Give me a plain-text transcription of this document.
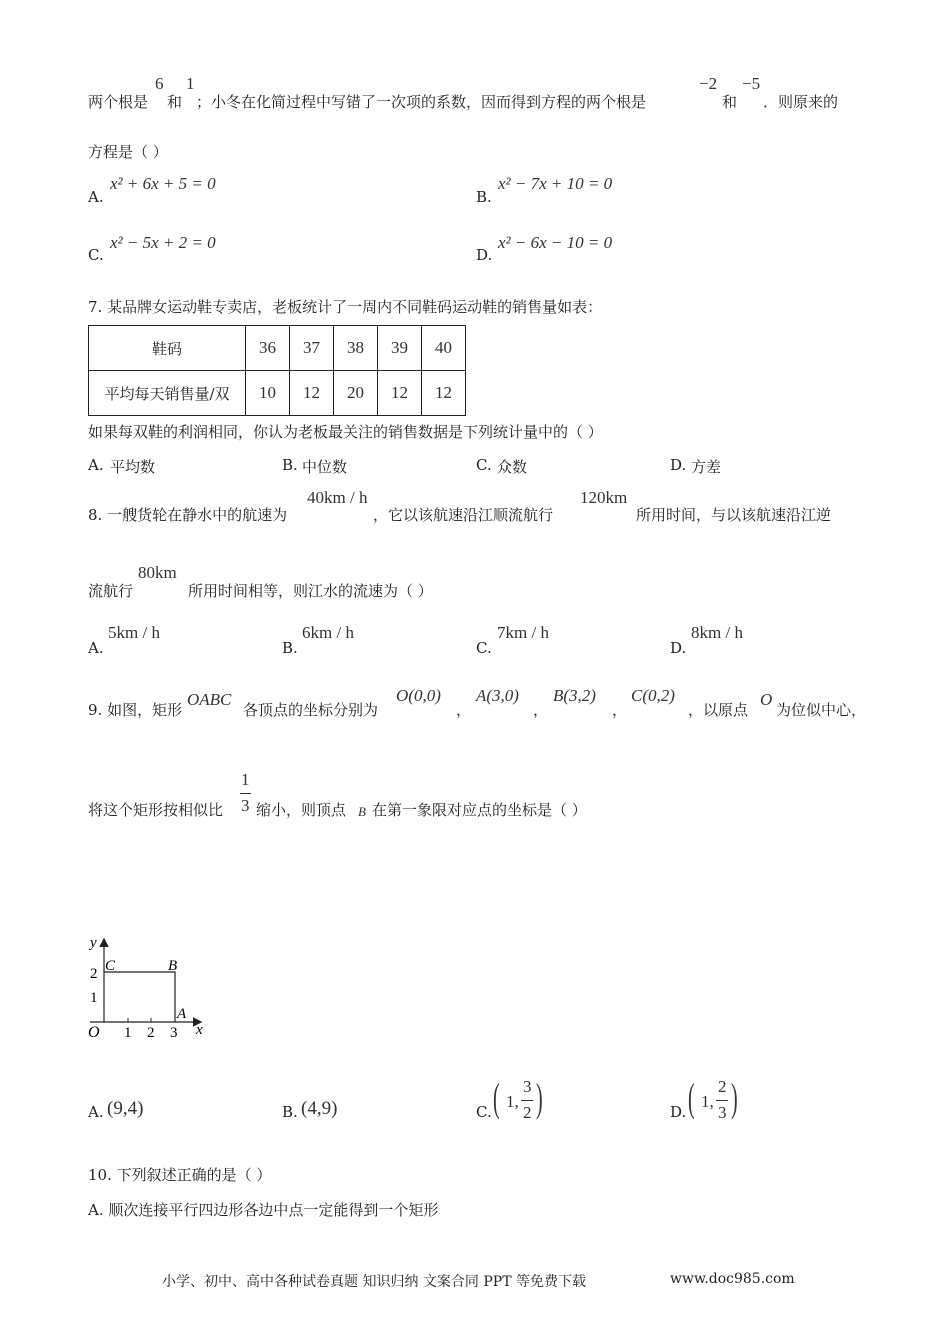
两个根是
6
和
1
；小冬在化简过程中写错了一次项的系数，因而得到方程的两个根是
−2
和
−5
．则原来的
方程是（ ）
A.
x² + 6x + 5 = 0
B.
x² − 7x + 10 = 0
C.
x² − 5x + 2 = 0
D.
x² − 6x − 10 = 0
7. 某品牌女运动鞋专卖店，老板统计了一周内不同鞋码运动鞋的销售量如表：
鞋码	36	37	38	39	40
平均每天销售量/双	10	12	20	12	12
如果每双鞋的利润相同，你认为老板最关注的销售数据是下列统计量中的（ ）
A. 平均数	B. 中位数	C. 众数	D. 方差
8. 一艘货轮在静水中的航速为
40km / h
，它以该航速沿江顺流航行
120km
所用时间，与以该航速沿江逆
流航行
80km
所用时间相等，则江水的流速为（ ）
A.
5km / h
B.
6km / h
C.
7km / h
D.
8km / h
9. 如图，矩形
OABC
各顶点的坐标分别为
O(0,0)
，
A(3,0)
，
B(3,2)
，
C(0,2)
，以原点
O
为位似中心，
将这个矩形按相似比
1
3 缩小，则顶点 B 在第一象限对应点的坐标是（ ）
y
x
O
C	B
A
2
1
1 2 3
A. (9,4)	B. (4,9)	C. ( 1,
3
2 )	D. ( 1,
2
3 )
10. 下列叙述正确的是（ ）
A. 顺次连接平行四边形各边中点一定能得到一个矩形
小学、初中、高中各种试卷真题 知识归纳 文案合同 PPT 等免费下载	www.doc985.com
